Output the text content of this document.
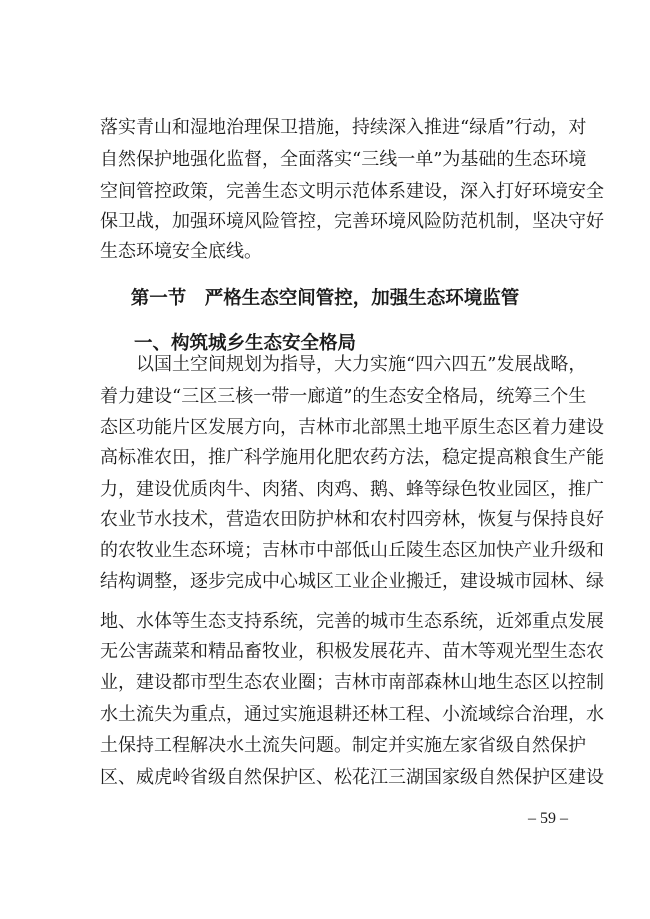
落实青山和湿地治理保卫措施，持续深入推进“绿盾”行动，对
自然保护地强化监督，全面落实“三线一单”为基础的生态环境
空间管控政策，完善生态文明示范体系建设，深入打好环境安全
保卫战，加强环境风险管控，完善环境风险防范机制，坚决守好
生态环境安全底线。
第一节　严格生态空间管控，加强生态环境监管
一、构筑城乡生态安全格局
以国土空间规划为指导，大力实施“四六四五”发展战略，
着力建设“三区三核一带一廊道”的生态安全格局，统筹三个生
态区功能片区发展方向，吉林市北部黑土地平原生态区着力建设
高标准农田，推广科学施用化肥农药方法，稳定提高粮食生产能
力，建设优质肉牛、肉猪、肉鸡、鹅、蜂等绿色牧业园区，推广
农业节水技术，营造农田防护林和农村四旁林，恢复与保持良好
的农牧业生态环境；吉林市中部低山丘陵生态区加快产业升级和
结构调整，逐步完成中心城区工业企业搬迁，建设城市园林、绿
地、水体等生态支持系统，完善的城市生态系统，近郊重点发展
无公害蔬菜和精品畜牧业，积极发展花卉、苗木等观光型生态农
业，建设都市型生态农业圈；吉林市南部森林山地生态区以控制
水土流失为重点，通过实施退耕还林工程、小流域综合治理，水
土保持工程解决水土流失问题。制定并实施左家省级自然保护
区、威虎岭省级自然保护区、松花江三湖国家级自然保护区建设
– 59 –
